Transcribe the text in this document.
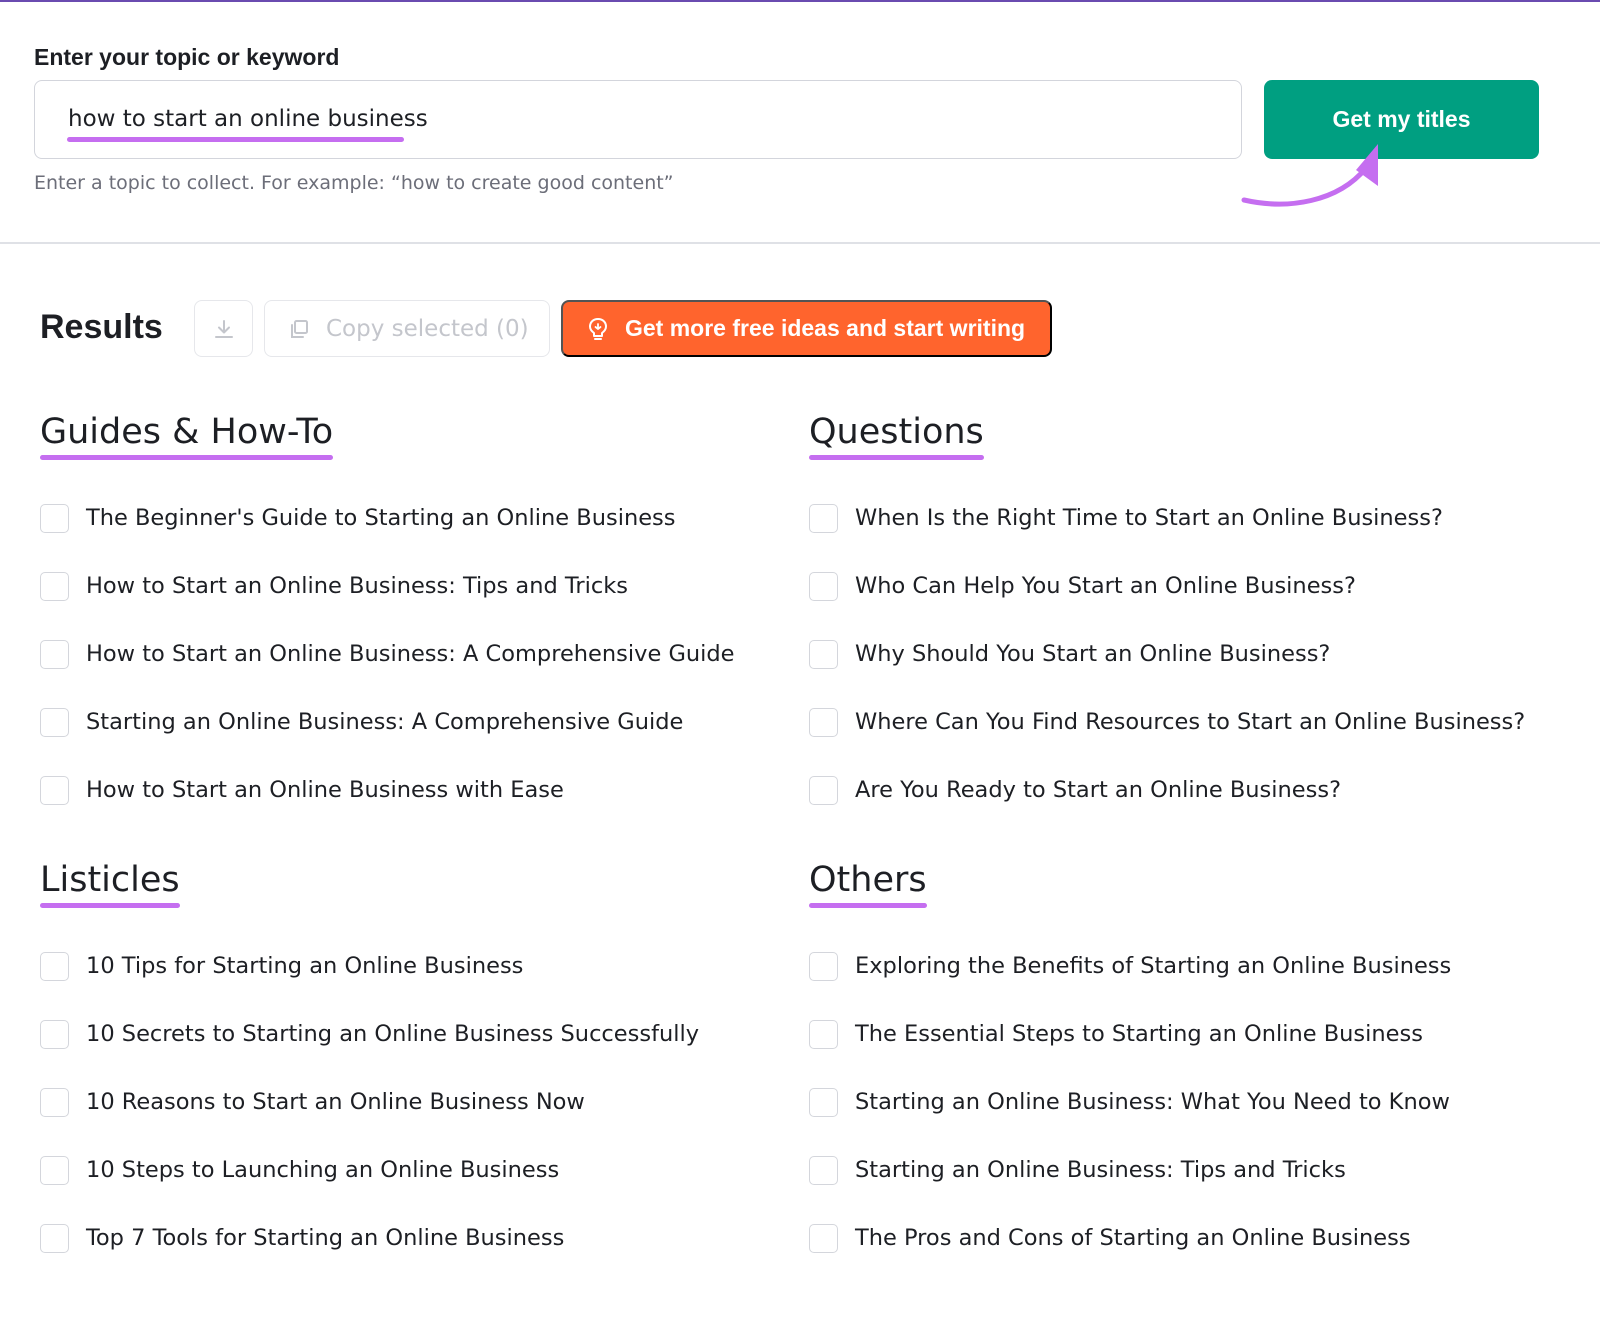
Enter your topic or keyword
how to start an online business
Enter a topic to collect. For example: “how to create good content”
Get my titles
Results	Copy selected (0)	Get more free ideas and start writing
Guides & How-To
The Beginner's Guide to Starting an Online Business
How to Start an Online Business: Tips and Tricks
How to Start an Online Business: A Comprehensive Guide
Starting an Online Business: A Comprehensive Guide
How to Start an Online Business with Ease
Questions
When Is the Right Time to Start an Online Business?
Who Can Help You Start an Online Business?
Why Should You Start an Online Business?
Where Can You Find Resources to Start an Online Business?
Are You Ready to Start an Online Business?
Listicles
10 Tips for Starting an Online Business
10 Secrets to Starting an Online Business Successfully
10 Reasons to Start an Online Business Now
10 Steps to Launching an Online Business
Top 7 Tools for Starting an Online Business
Others
Exploring the Benefits of Starting an Online Business
The Essential Steps to Starting an Online Business
Starting an Online Business: What You Need to Know
Starting an Online Business: Tips and Tricks
The Pros and Cons of Starting an Online Business
